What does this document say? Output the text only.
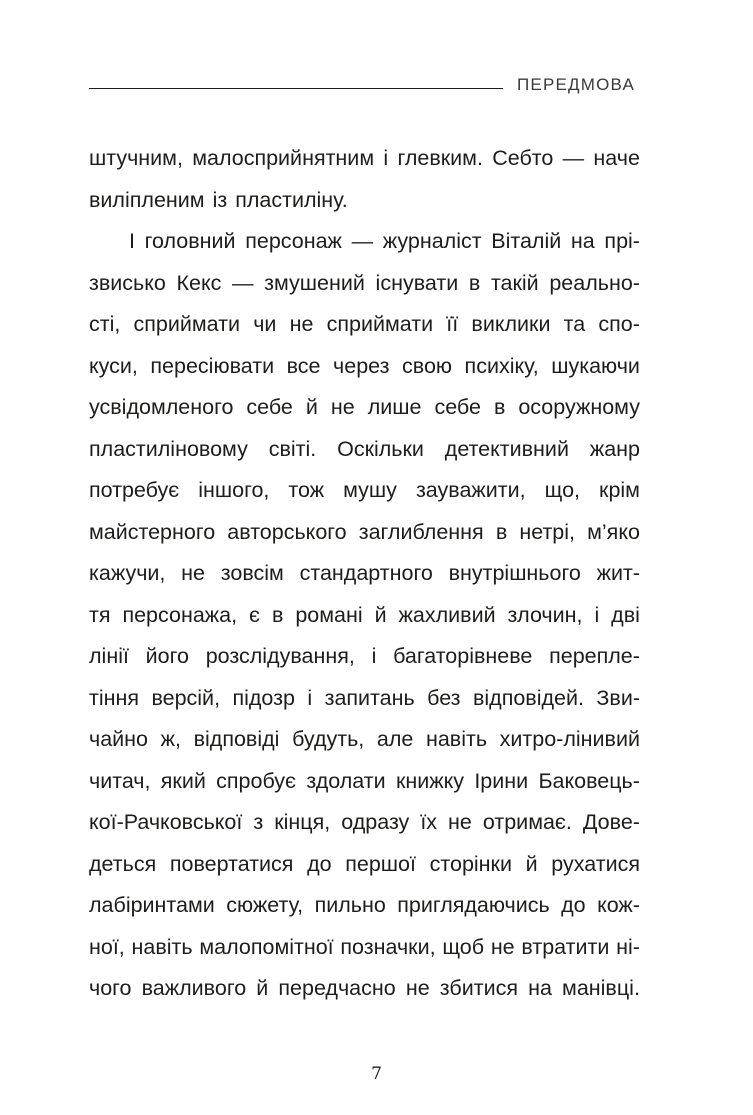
ПЕРЕДМОВА
штучним, малосприйнятним і глевким. Себто — наче
виліпленим із пластиліну.
І головний персонаж — журналіст Віталій на прі-
звисько Кекс — змушений існувати в такій реально-
сті, сприймати чи не сприймати її виклики та спо-
куси, пересіювати все через свою психіку, шукаючи
усвідомленого себе й не лише себе в осоружному
пластиліновому світі. Оскільки детективний жанр
потребує іншого, тож мушу зауважити, що, крім
майстерного авторського заглиблення в нетрі, м’яко
кажучи, не зовсім стандартного внутрішнього жит-
тя персонажа, є в романі й жахливий злочин, і дві
лінії його розслідування, і багаторівневе перепле-
тіння версій, підозр і запитань без відповідей. Зви-
чайно ж, відповіді будуть, але навіть хитро-лінивий
читач, який спробує здолати книжку Ірини Баковець-
кої-Рачковської з кінця, одразу їх не отримає. Дове-
деться повертатися до першої сторінки й рухатися
лабіринтами сюжету, пильно приглядаючись до кож-
ної, навіть малопомітної позначки, щоб не втратити ні-
чого важливого й передчасно не збитися на манівці.
7
